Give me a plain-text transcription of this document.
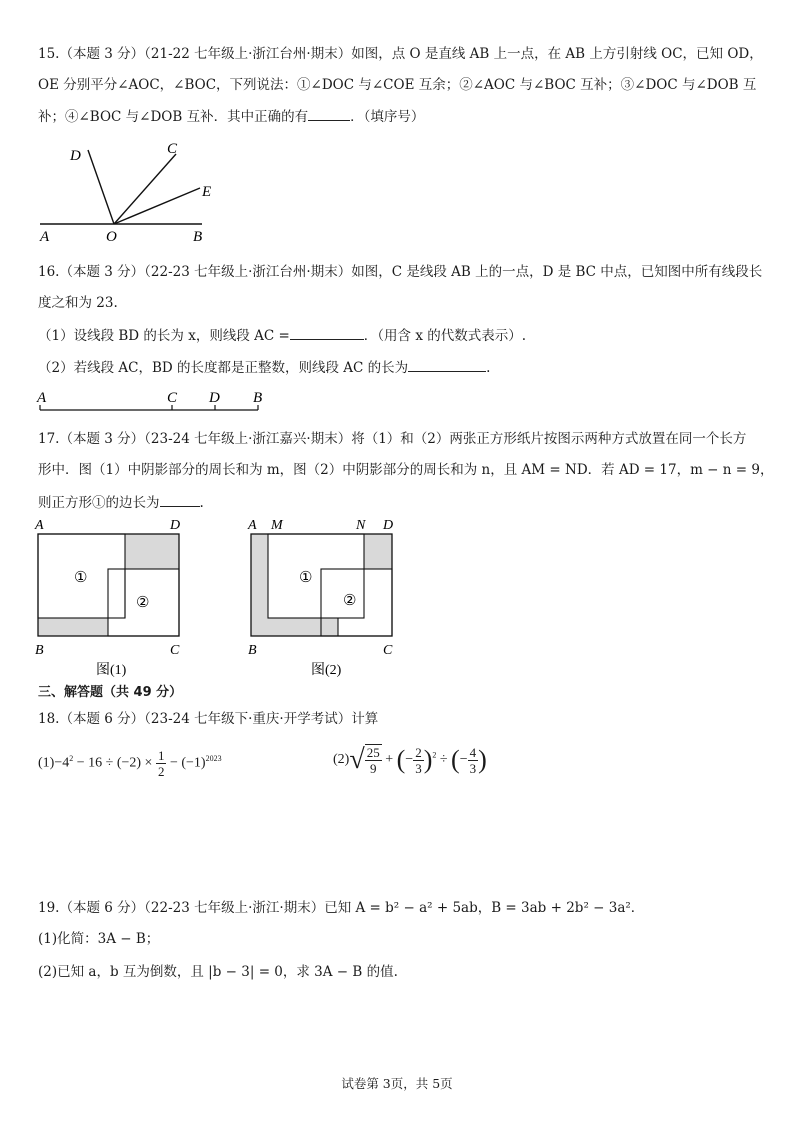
15.（本题 3 分）（21-22 七年级上·浙江台州·期末）如图，点 O 是直线 AB 上一点，在 AB 上方引射线 OC，已知 OD，
OE 分别平分∠AOC，∠BOC，下列说法：①∠DOC 与∠COE 互余；②∠AOC 与∠BOC 互补；③∠DOC 与∠DOB 互
补；④∠BOC 与∠DOB 互补．其中正确的有	．（填序号）
A	O	B
C
D
E
16.（本题 3 分）（22-23 七年级上·浙江台州·期末）如图，C 是线段 AB 上的一点，D 是 BC 中点，已知图中所有线段长
度之和为 23.
（1）设线段 BD 的长为 x，则线段 AC =	．（用含 x 的代数式表示）.
（2）若线段 AC，BD 的长度都是正整数，则线段 AC 的长为	.
A	C D B
17.（本题 3 分）（23-24 七年级上·浙江嘉兴·期末）将（1）和（2）两张正方形纸片按图示两种方式放置在同一个长方
形中．图（1）中阴影部分的周长和为 m，图（2）中阴影部分的周长和为 n，且 AM = ND．若 AD = 17，m − n = 9，
则正方形①的边长为	.
A	D
B	C
①
②
图(1)
A M	N D
B	C
①
②
图(2)
三、解答题（共 49 分）
18.（本题 6 分）（23-24 七年级下·重庆·开学考试）计算
$(1)-4^2 - 16 \div (-2) \times \frac{1}{2} - (-1)^{2023}$	$(2)√ \frac{25}{9}$ + (− $\frac{2}{3} )^2$ ÷ (− $\frac{4}{3}$ )
19.（本题 6 分）（22-23 七年级上·浙江·期末）已知 A = b² − a² + 5ab，B = 3ab + 2b² − 3a²．
(1)化简：3A − B；
(2)已知 a，b 互为倒数，且 |b − 3| = 0，求 3A − B 的值.
试卷第 3页，共 5页
